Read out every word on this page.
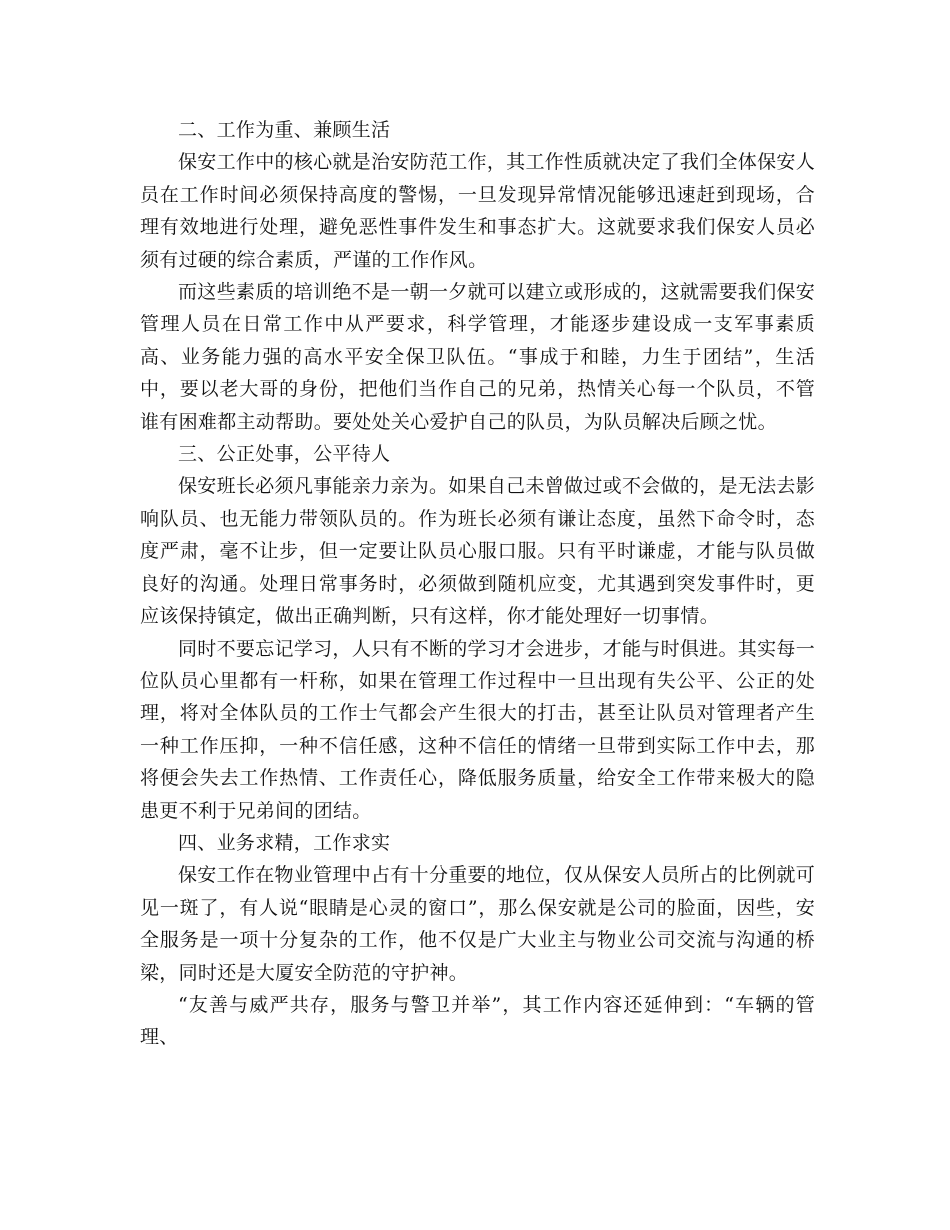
二、工作为重、兼顾生活

保安工作中的核心就是治安防范工作，其工作性质就决定了我们全体保安人员在工作时间必须保持高度的警惕，一旦发现异常情况能够迅速赶到现场，合理有效地进行处理，避免恶性事件发生和事态扩大。这就要求我们保安人员必须有过硬的综合素质，严谨的工作作风。

而这些素质的培训绝不是一朝一夕就可以建立或形成的，这就需要我们保安管理人员在日常工作中从严要求，科学管理，才能逐步建设成一支军事素质高、业务能力强的高水平安全保卫队伍。“事成于和睦，力生于团结”，生活中，要以老大哥的身份，把他们当作自己的兄弟，热情关心每一个队员，不管谁有困难都主动帮助。要处处关心爱护自己的队员，为队员解决后顾之忧。

三、公正处事，公平待人

保安班长必须凡事能亲力亲为。如果自己未曾做过或不会做的，是无法去影响队员、也无能力带领队员的。作为班长必须有谦让态度，虽然下命令时，态度严肃，毫不让步，但一定要让队员心服口服。只有平时谦虚，才能与队员做良好的沟通。处理日常事务时，必须做到随机应变，尤其遇到突发事件时，更应该保持镇定，做出正确判断，只有这样，你才能处理好一切事情。

同时不要忘记学习，人只有不断的学习才会进步，才能与时俱进。其实每一位队员心里都有一杆称，如果在管理工作过程中一旦出现有失公平、公正的处理，将对全体队员的工作士气都会产生很大的打击，甚至让队员对管理者产生一种工作压抑，一种不信任感，这种不信任的情绪一旦带到实际工作中去，那将便会失去工作热情、工作责任心，降低服务质量，给安全工作带来极大的隐患更不利于兄弟间的团结。

四、业务求精，工作求实

保安工作在物业管理中占有十分重要的地位，仅从保安人员所占的比例就可见一斑了，有人说“眼睛是心灵的窗口”，那么保安就是公司的脸面，因些，安全服务是一项十分复杂的工作，他不仅是广大业主与物业公司交流与沟通的桥梁，同时还是大厦安全防范的守护神。

“友善与威严共存，服务与警卫并举”，其工作内容还延伸到：“车辆的管理、
